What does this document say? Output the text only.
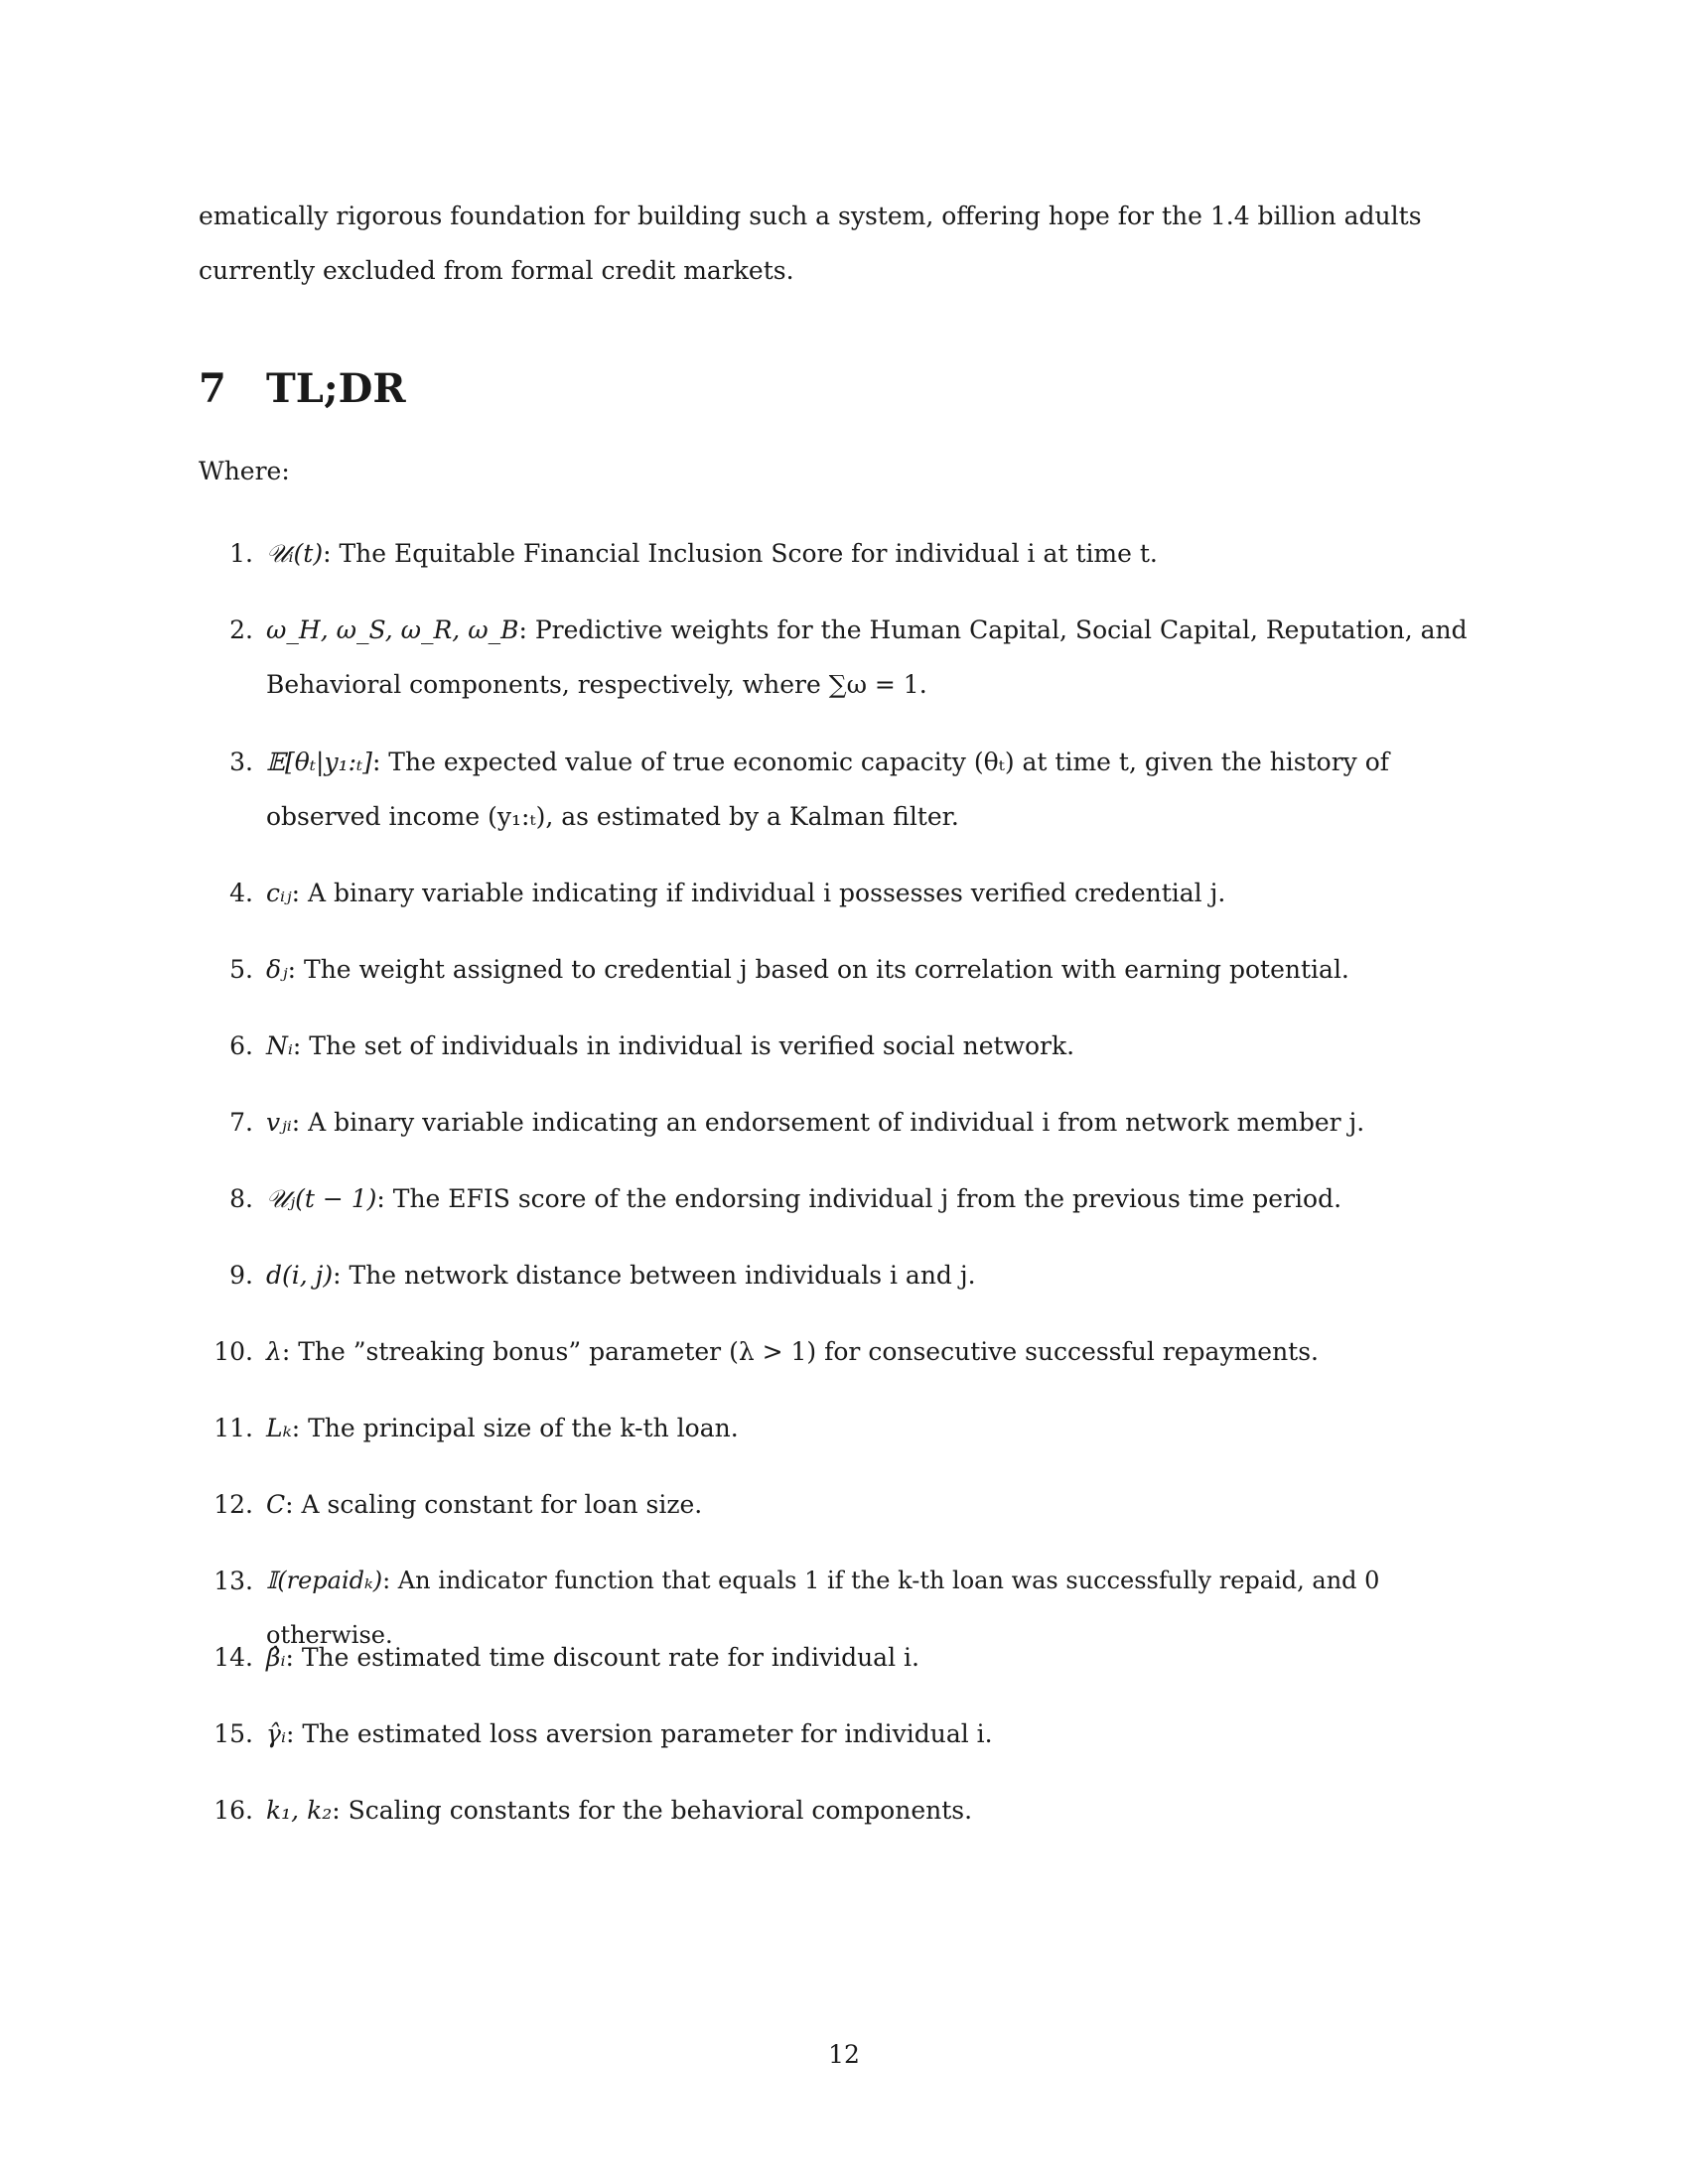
ematically rigorous foundation for building such a system, offering hope for the 1.4 billion adults currently excluded from formal credit markets.

7 TL;DR

Where:

1. 𝒰ᵢ(t): The Equitable Financial Inclusion Score for individual i at time t.
2. ω_H, ω_S, ω_R, ω_B: Predictive weights for the Human Capital, Social Capital, Reputation, and Behavioral components, respectively, where ∑ω = 1.
3. 𝔼[θₜ|y₁:ₜ]: The expected value of true economic capacity (θₜ) at time t, given the history of observed income (y₁:ₜ), as estimated by a Kalman filter.
4. cᵢⱼ: A binary variable indicating if individual i possesses verified credential j.
5. δⱼ: The weight assigned to credential j based on its correlation with earning potential.
6. Nᵢ: The set of individuals in individual is verified social network.
7. vⱼᵢ: A binary variable indicating an endorsement of individual i from network member j.
8. 𝒰ⱼ(t − 1): The EFIS score of the endorsing individual j from the previous time period.
9. d(i, j): The network distance between individuals i and j.
10. λ: The ”streaking bonus” parameter (λ > 1) for consecutive successful repayments.
11. Lₖ: The principal size of the k-th loan.
12. C: A scaling constant for loan size.
13. 𝕀(repaidₖ): An indicator function that equals 1 if the k-th loan was successfully repaid, and 0 otherwise.
14. β̂ᵢ: The estimated time discount rate for individual i.
15. γ̂ᵢ: The estimated loss aversion parameter for individual i.
16. k₁, k₂: Scaling constants for the behavioral components.
12
